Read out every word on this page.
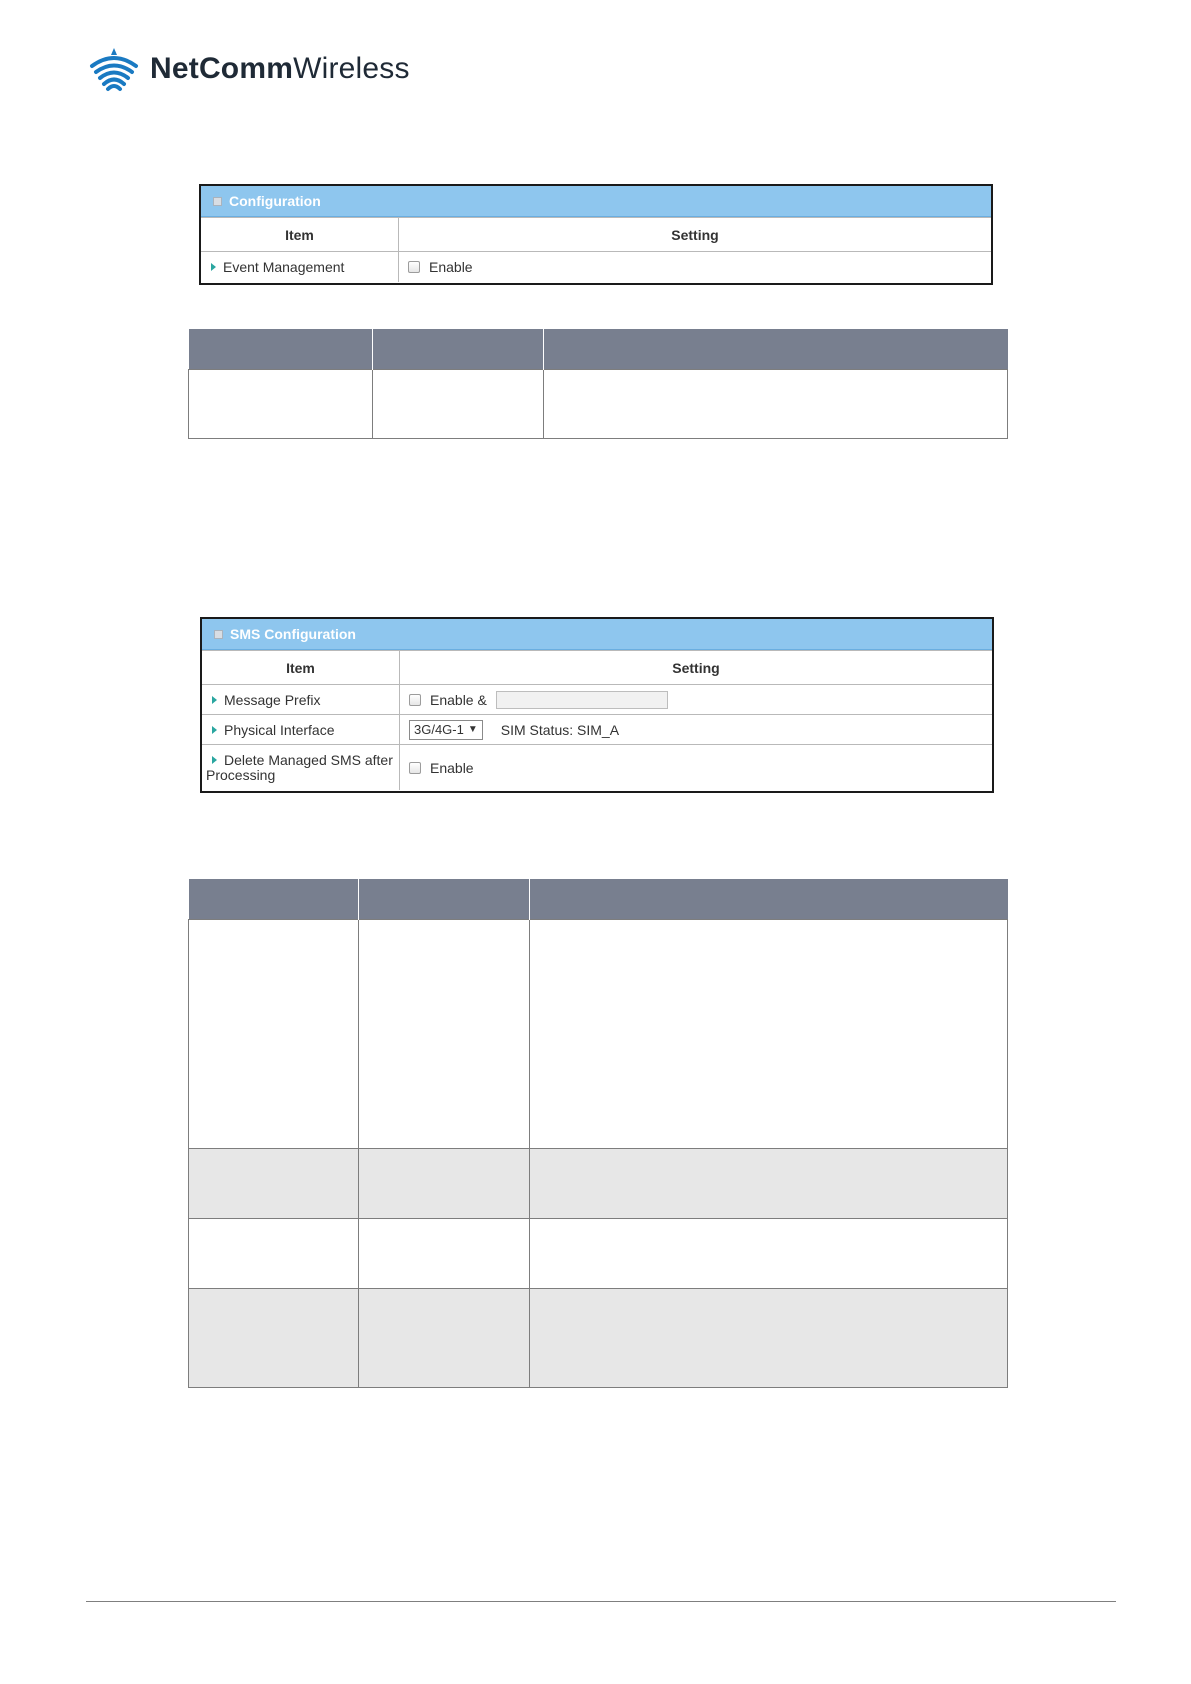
NetCommWireless
Configuration
Item	Setting
Event Management	Enable

SMS Configuration
Item	Setting
Message Prefix	Enable &
Physical Interface	3G/4G-1 ▼ SIM Status: SIM_A
Delete Managed SMS after
Processing	Enable
